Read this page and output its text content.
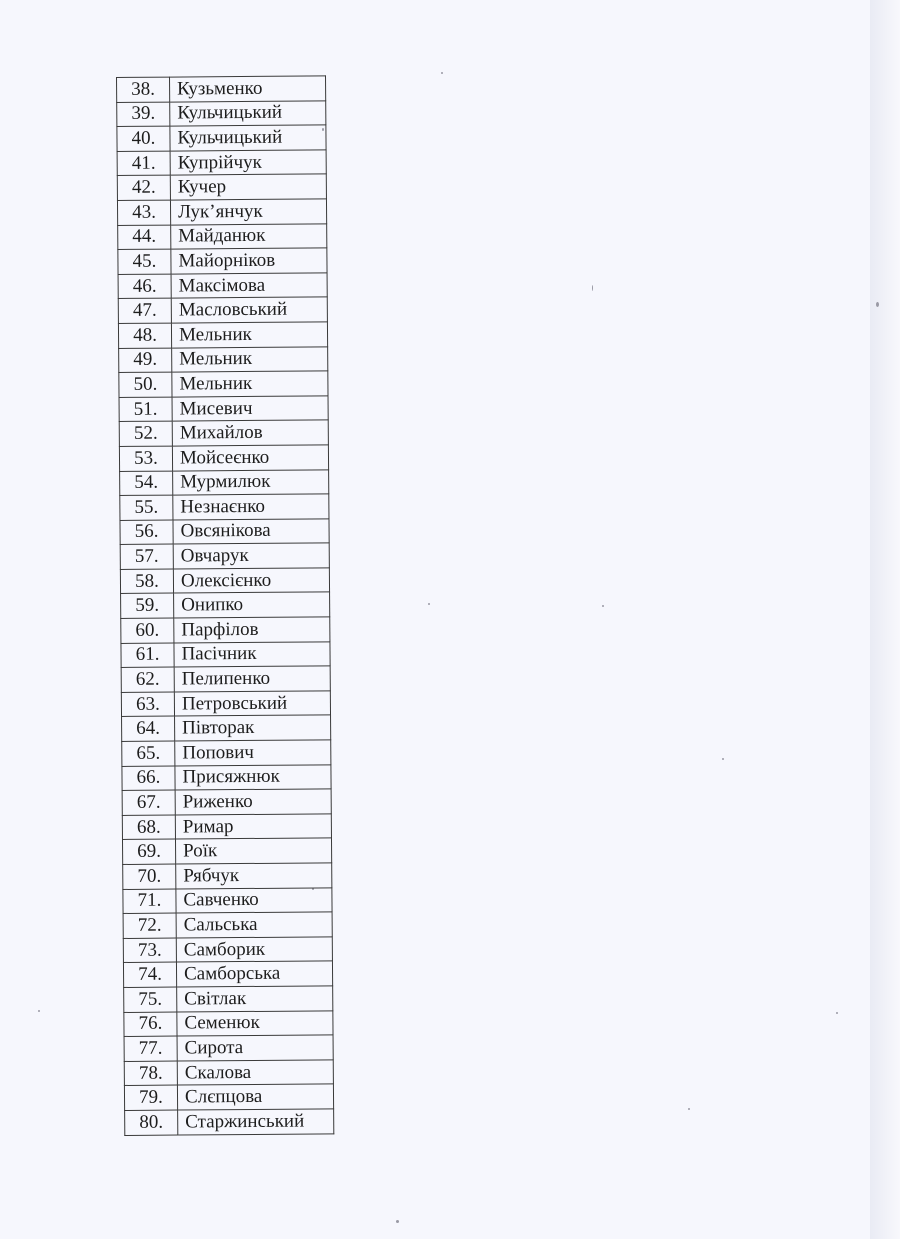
38.	Кузьменко
39.	Кульчицький
40.	Кульчицький
41.	Купрійчук
42.	Кучер
43.	Лук’янчук
44.	Майданюк
45.	Майорніков
46.	Максімова
47.	Масловський
48.	Мельник
49.	Мельник
50.	Мельник
51.	Мисевич
52.	Михайлов
53.	Мойсеєнко
54.	Мурмилюк
55.	Незнаєнко
56.	Овсянікова
57.	Овчарук
58.	Олексієнко
59.	Онипко
60.	Парфілов
61.	Пасічник
62.	Пелипенко
63.	Петровський
64.	Півторак
65.	Попович
66.	Присяжнюк
67.	Риженко
68.	Римар
69.	Роїк
70.	Рябчук
71.	Савченко
72.	Сальська
73.	Самборик
74.	Самборська
75.	Світлак
76.	Семенюк
77.	Сирота
78.	Скалова
79.	Слєпцова
80.	Старжинський
